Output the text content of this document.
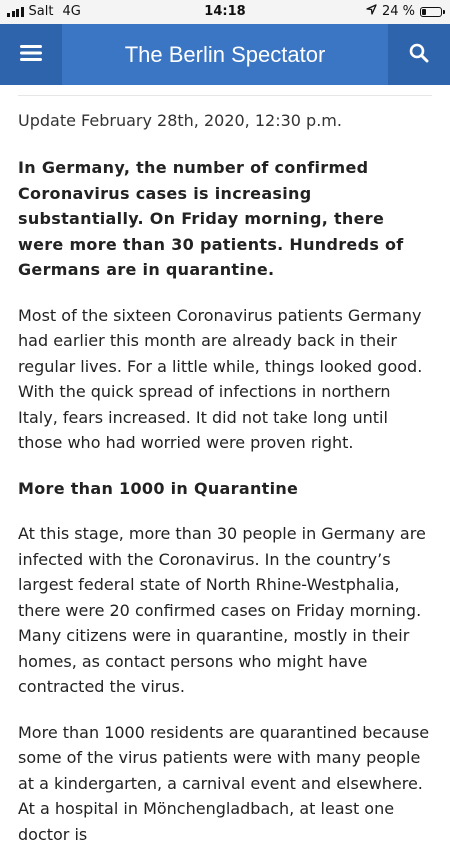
Salt 4G	14:18	24 %
The Berlin Spectator

Update February 28th, 2020, 12:30 p.m.

In Germany, the number of confirmed Coronavirus cases is increasing substantially. On Friday morning, there were more than 30 patients. Hundreds of Germans are in quarantine.

Most of the sixteen Coronavirus patients Germany had earlier this month are already back in their regular lives. For a little while, things looked good. With the quick spread of infections in northern Italy, fears increased. It did not take long until those who had worried were proven right.

More than 1000 in Quarantine

At this stage, more than 30 people in Germany are infected with the Coronavirus. In the country’s largest federal state of North Rhine-Westphalia, there were 20 confirmed cases on Friday morning. Many citizens were in quarantine, mostly in their homes, as contact persons who might have contracted the virus.

More than 1000 residents are quarantined because some of the virus patients were with many people at a kindergarten, a carnival event and elsewhere. At a hospital in Mönchengladbach, at least one doctor is
